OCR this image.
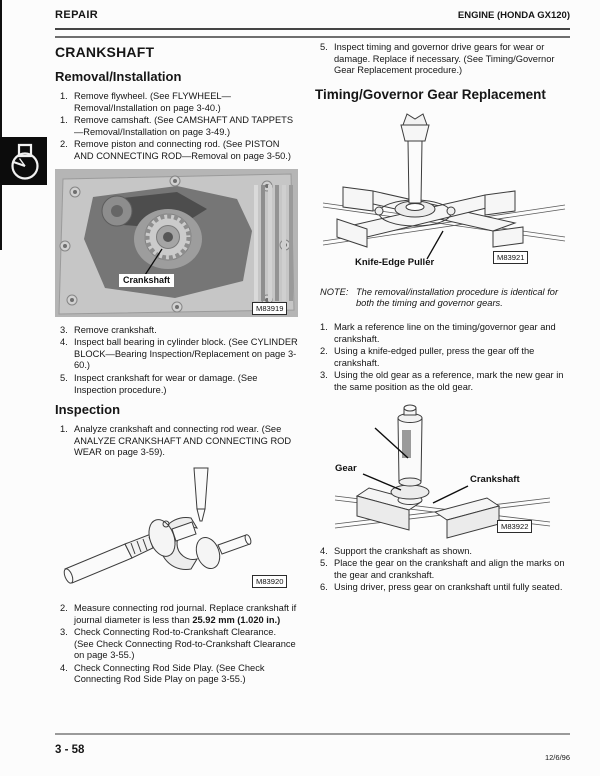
REPAIR	ENGINE (HONDA GX120)
CRANKSHAFT
Removal/Installation
1. Remove flywheel. (See FLYWHEEL—Removal/Installation on page 3-40.)
1. Remove camshaft. (See CAMSHAFT AND TAPPETS—Removal/Installation on page 3-49.)
2. Remove piston and connecting rod. (See PISTON AND CONNECTING ROD—Removal on page 3-50.)
Crankshaft
M83919
3. Remove crankshaft.
4. Inspect ball bearing in cylinder block. (See CYLINDER BLOCK—Bearing Inspection/Replacement on page 3-60.)
5. Inspect crankshaft for wear or damage. (See Inspection procedure.)
Inspection
1. Analyze crankshaft and connecting rod wear. (See ANALYZE CRANKSHAFT AND CONNECTING ROD WEAR on page 3-59).
M83920
2. Measure connecting rod journal. Replace crankshaft if journal diameter is less than 25.92 mm (1.020 in.)
3. Check Connecting Rod-to-Crankshaft Clearance. (See Check Connecting Rod-to-Crankshaft Clearance on page 3-55.)
4. Check Connecting Rod Side Play. (See Check Connecting Rod Side Play on page 3-55.)
5. Inspect timing and governor drive gears for wear or damage. Replace if necessary. (See Timing/Governor Gear Replacement procedure.)
Timing/Governor Gear Replacement
Knife-Edge Puller	M83921
NOTE: The removal/installation procedure is identical for both the timing and governor gears.
1. Mark a reference line on the timing/governor gear and crankshaft.
2. Using a knife-edged puller, press the gear off the crankshaft.
3. Using the old gear as a reference, mark the new gear in the same position as the old gear.
Gear
Crankshaft
M83922
4. Support the crankshaft as shown.
5. Place the gear on the crankshaft and align the marks on the gear and crankshaft.
6. Using driver, press gear on crankshaft until fully seated.
3 - 58
12/6/96
